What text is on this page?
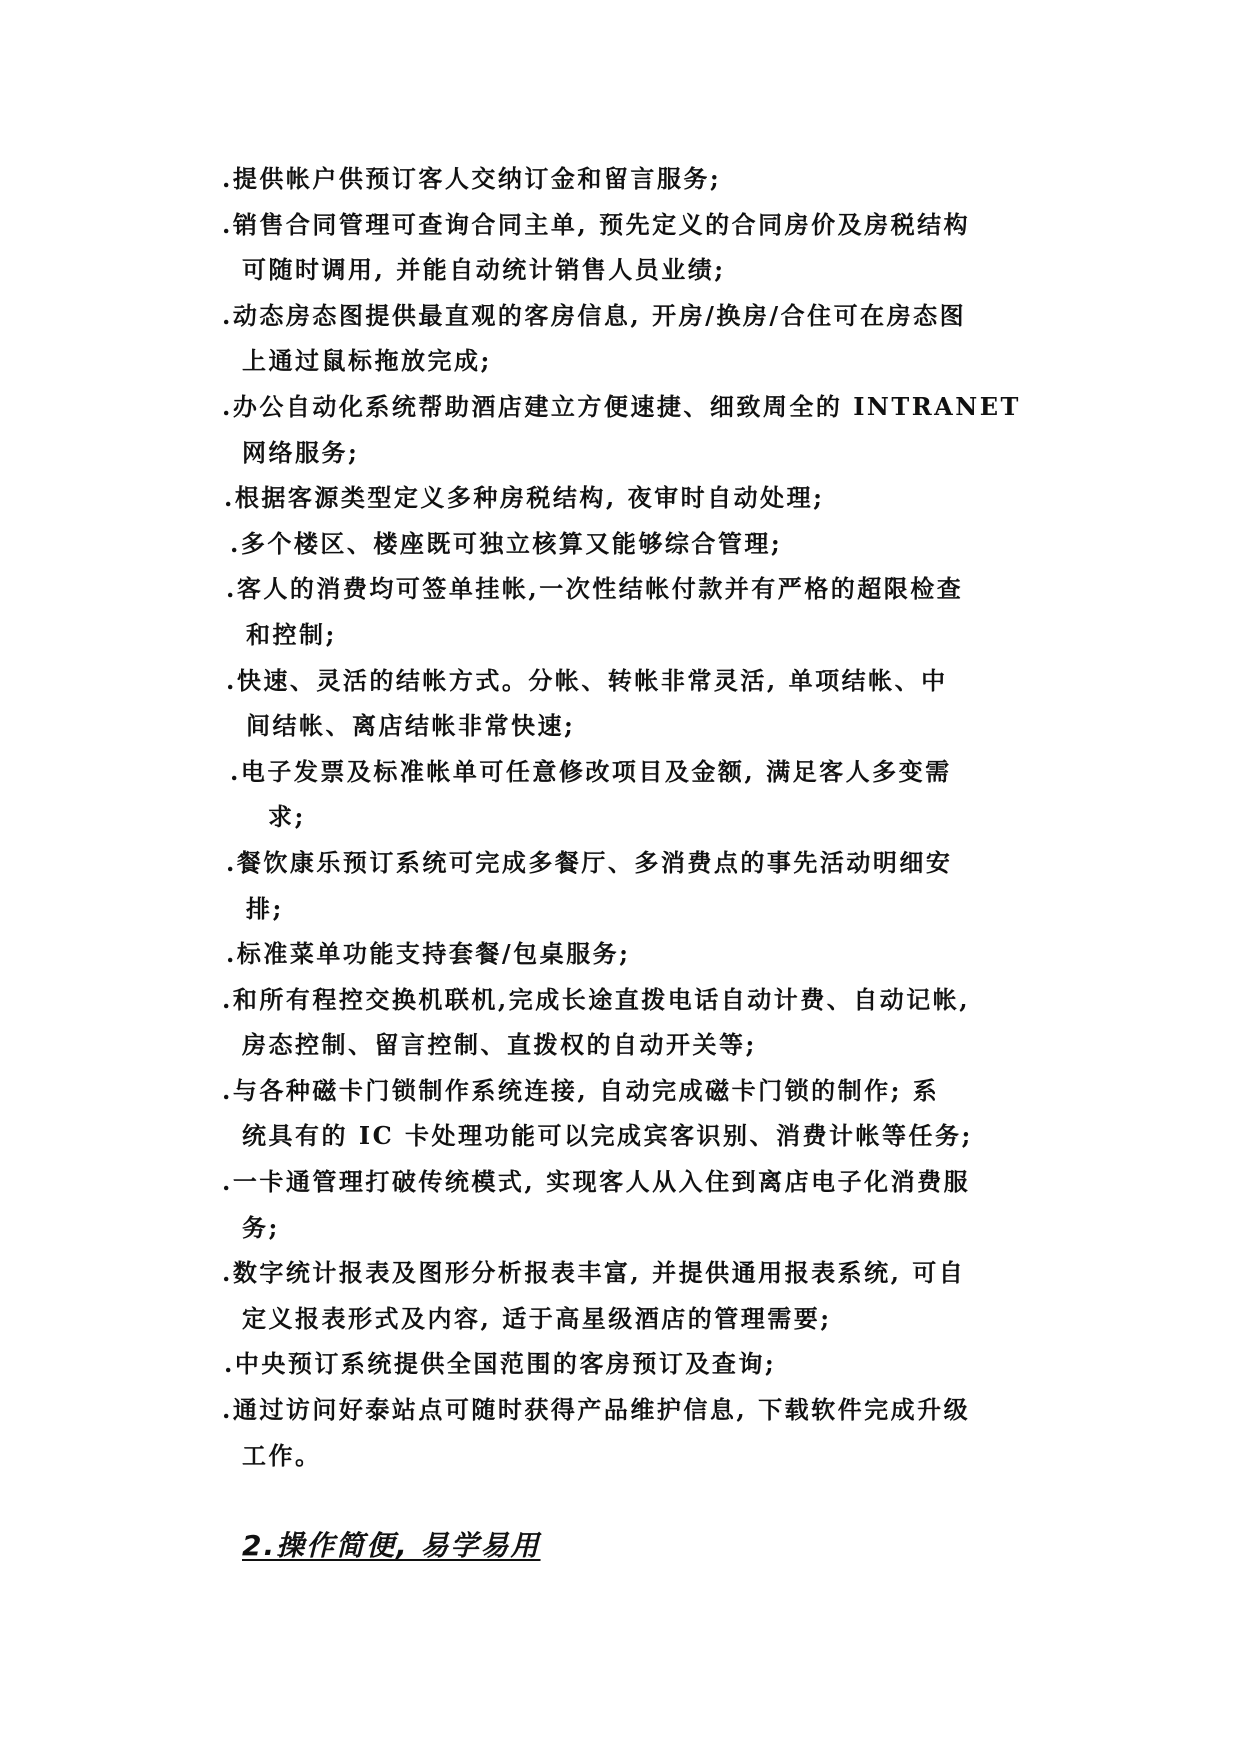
.提供帐户供预订客人交纳订金和留言服务;
.销售合同管理可查询合同主单, 预先定义的合同房价及房税结构
可随时调用, 并能自动统计销售人员业绩;
.动态房态图提供最直观的客房信息, 开房/换房/合住可在房态图
上通过鼠标拖放完成;
.办公自动化系统帮助酒店建立方便速捷、细致周全的 INTRANET
网络服务;
.根据客源类型定义多种房税结构, 夜审时自动处理;
.多个楼区、楼座既可独立核算又能够综合管理;
.客人的消费均可签单挂帐,一次性结帐付款并有严格的超限检查
和控制;
.快速、灵活的结帐方式。分帐、转帐非常灵活, 单项结帐、中
间结帐、离店结帐非常快速;
.电子发票及标准帐单可任意修改项目及金额, 满足客人多变需
求;
.餐饮康乐预订系统可完成多餐厅、多消费点的事先活动明细安
排;
.标准菜单功能支持套餐/包桌服务;
.和所有程控交换机联机,完成长途直拨电话自动计费、自动记帐,
房态控制、留言控制、直拨权的自动开关等;
.与各种磁卡门锁制作系统连接, 自动完成磁卡门锁的制作; 系
统具有的 IC 卡处理功能可以完成宾客识别、消费计帐等任务;
.一卡通管理打破传统模式, 实现客人从入住到离店电子化消费服
务;
.数字统计报表及图形分析报表丰富, 并提供通用报表系统, 可自
定义报表形式及内容, 适于高星级酒店的管理需要;
.中央预订系统提供全国范围的客房预订及查询;
.通过访问好泰站点可随时获得产品维护信息, 下载软件完成升级
工作。
2.操作简便, 易学易用
